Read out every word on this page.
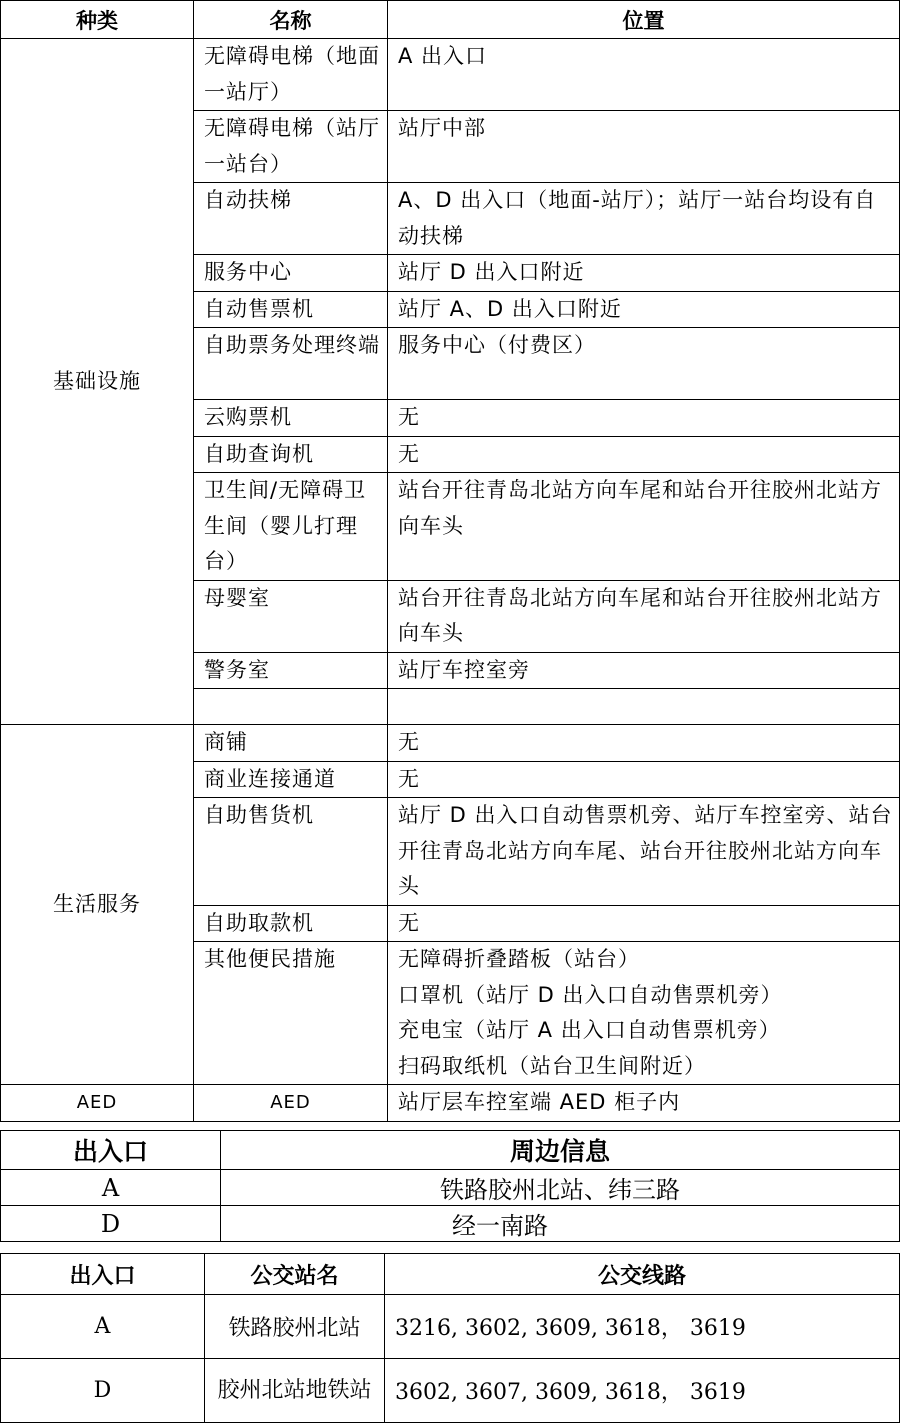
种类	名称	位置
基础设施	无障碍电梯（地面一站厅）	A 出入口
	无障碍电梯（站厅一站台）	站厅中部
	自动扶梯	A、D 出入口（地面-站厅）；站厅一站台均设有自动扶梯
	服务中心	站厅 D 出入口附近
	自动售票机	站厅 A、D 出入口附近
	自助票务处理终端	服务中心（付费区）
	云购票机	无
	自助查询机	无
	卫生间/无障碍卫生间（婴儿打理台）	站台开往青岛北站方向车尾和站台开往胶州北站方向车头
	母婴室	站台开往青岛北站方向车尾和站台开往胶州北站方向车头
	警务室	站厅车控室旁

生活服务	商铺	无
	商业连接通道	无
	自助售货机	站厅 D 出入口自动售票机旁、站厅车控室旁、站台开往青岛北站方向车尾、站台开往胶州北站方向车头
	自助取款机	无
	其他便民措施	无障碍折叠踏板（站台）
口罩机（站厅 D 出入口自动售票机旁）
充电宝（站厅 A 出入口自动售票机旁）
扫码取纸机（站台卫生间附近）

AED	AED	站厅层车控室端 AED 柜子内
出入口	周边信息
A	铁路胶州北站、纬三路
D	经一南路
出入口	公交站名	公交线路
A	铁路胶州北站	3216, 3602, 3609, 3618， 3619
D	胶州北站地铁站	3602, 3607, 3609, 3618， 3619
